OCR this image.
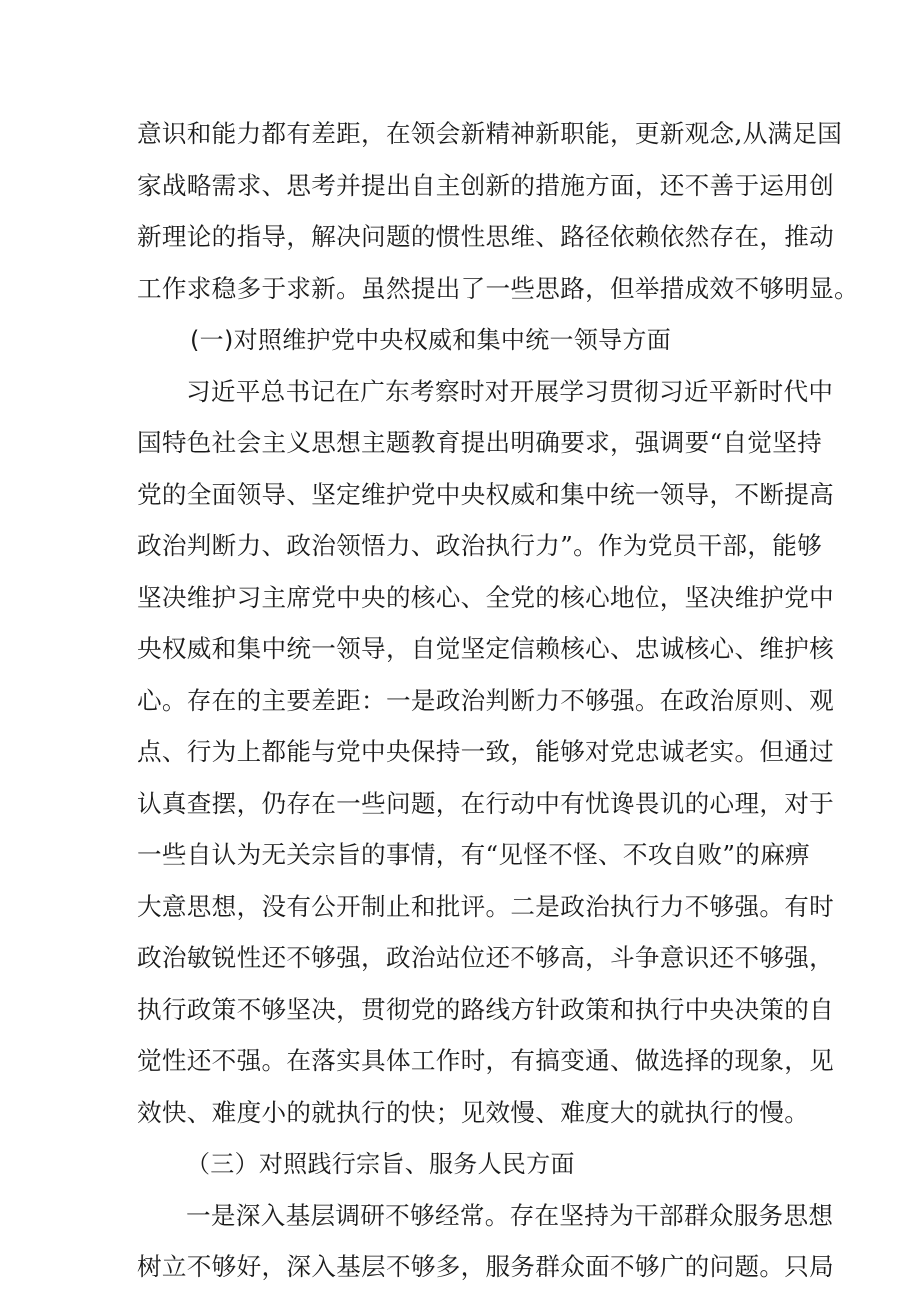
意识和能力都有差距，在领会新精神新职能，更新观念,从满足国
家战略需求、思考并提出自主创新的措施方面，还不善于运用创
新理论的指导，解决问题的惯性思维、路径依赖依然存在，推动
工作求稳多于求新。虽然提出了一些思路，但举措成效不够明显。
(一)对照维护党中央权威和集中统一领导方面
习近平总书记在广东考察时对开展学习贯彻习近平新时代中
国特色社会主义思想主题教育提出明确要求，强调要“自觉坚持
党的全面领导、坚定维护党中央权威和集中统一领导，不断提高
政治判断力、政治领悟力、政治执行力”。作为党员干部，能够
坚决维护习主席党中央的核心、全党的核心地位，坚决维护党中
央权威和集中统一领导，自觉坚定信赖核心、忠诚核心、维护核
心。存在的主要差距：一是政治判断力不够强。在政治原则、观
点、行为上都能与党中央保持一致，能够对党忠诚老实。但通过
认真查摆，仍存在一些问题，在行动中有忧谗畏讥的心理，对于
一些自认为无关宗旨的事情，有“见怪不怪、不攻自败”的麻痹
大意思想，没有公开制止和批评。二是政治执行力不够强。有时
政治敏锐性还不够强，政治站位还不够高，斗争意识还不够强，
执行政策不够坚决，贯彻党的路线方针政策和执行中央决策的自
觉性还不强。在落实具体工作时，有搞变通、做选择的现象，见
效快、难度小的就执行的快；见效慢、难度大的就执行的慢。
（三）对照践行宗旨、服务人民方面
一是深入基层调研不够经常。存在坚持为干部群众服务思想
树立不够好，深入基层不够多，服务群众面不够广的问题。只局
